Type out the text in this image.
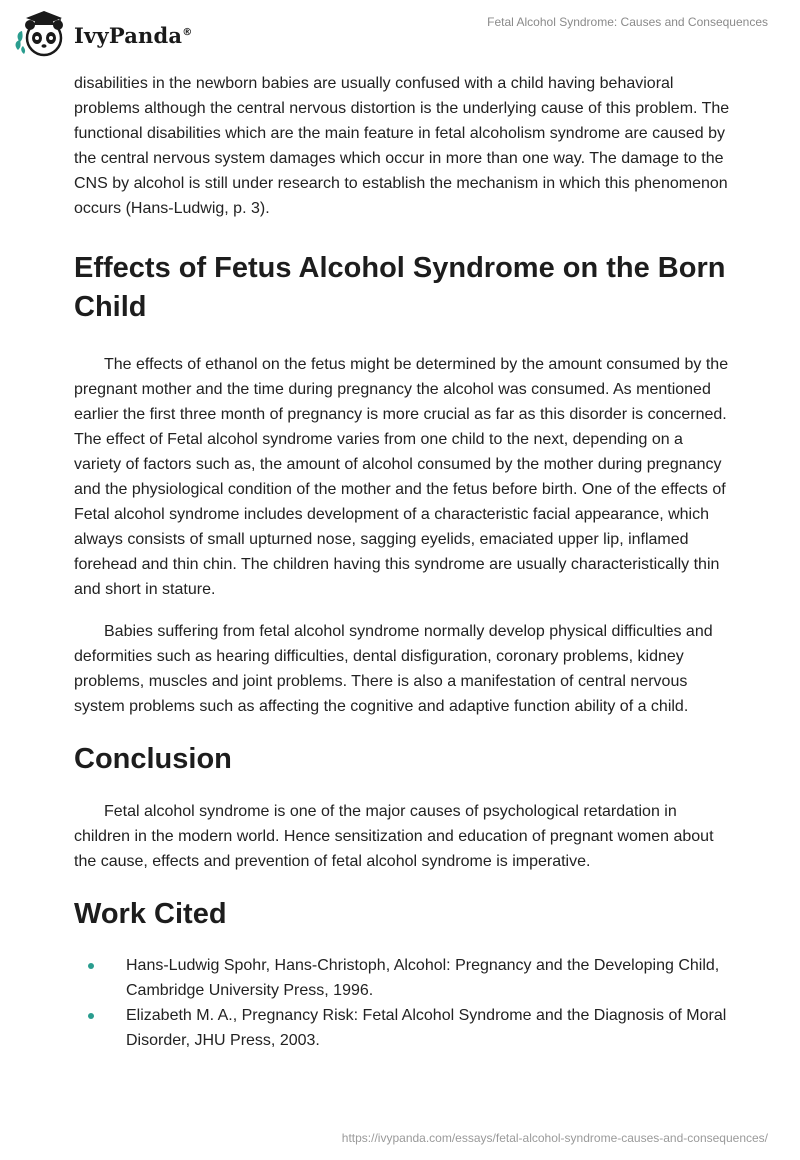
IvyPanda®
Fetal Alcohol Syndrome: Causes and Consequences

disabilities in the newborn babies are usually confused with a child having behavioral problems although the central nervous distortion is the underlying cause of this problem. The functional disabilities which are the main feature in fetal alcoholism syndrome are caused by the central nervous system damages which occur in more than one way. The damage to the CNS by alcohol is still under research to establish the mechanism in which this phenomenon occurs (Hans-Ludwig, p. 3).

Effects of Fetus Alcohol Syndrome on the Born Child

The effects of ethanol on the fetus might be determined by the amount consumed by the pregnant mother and the time during pregnancy the alcohol was consumed. As mentioned earlier the first three month of pregnancy is more crucial as far as this disorder is concerned. The effect of Fetal alcohol syndrome varies from one child to the next, depending on a variety of factors such as, the amount of alcohol consumed by the mother during pregnancy and the physiological condition of the mother and the fetus before birth. One of the effects of Fetal alcohol syndrome includes development of a characteristic facial appearance, which always consists of small upturned nose, sagging eyelids, emaciated upper lip, inflamed forehead and thin chin. The children having this syndrome are usually characteristically thin and short in stature.

Babies suffering from fetal alcohol syndrome normally develop physical difficulties and deformities such as hearing difficulties, dental disfiguration, coronary problems, kidney problems, muscles and joint problems. There is also a manifestation of central nervous system problems such as affecting the cognitive and adaptive function ability of a child.

Conclusion

Fetal alcohol syndrome is one of the major causes of psychological retardation in children in the modern world. Hence sensitization and education of pregnant women about the cause, effects and prevention of fetal alcohol syndrome is imperative.

Work Cited
Hans-Ludwig Spohr, Hans-Christoph, Alcohol: Pregnancy and the Developing Child, Cambridge University Press, 1996.
Elizabeth M. A., Pregnancy Risk: Fetal Alcohol Syndrome and the Diagnosis of Moral Disorder, JHU Press, 2003.
https://ivypanda.com/essays/fetal-alcohol-syndrome-causes-and-consequences/
